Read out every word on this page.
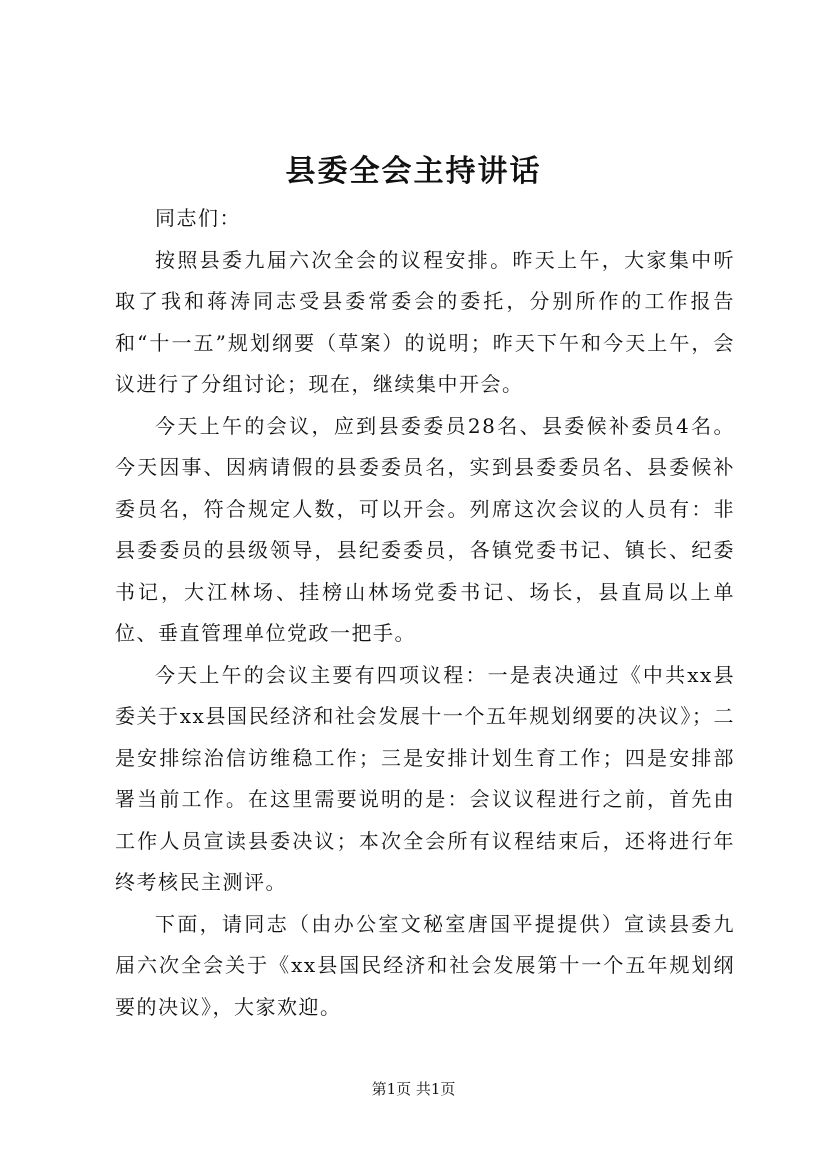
县委全会主持讲话

同志们：

按照县委九届六次全会的议程安排。昨天上午，大家集中听取了我和蒋涛同志受县委常委会的委托，分别所作的工作报告和“十一五”规划纲要（草案）的说明；昨天下午和今天上午，会议进行了分组讨论；现在，继续集中开会。

今天上午的会议，应到县委委员28名、县委候补委员4名。今天因事、因病请假的县委委员名，实到县委委员名、县委候补委员名，符合规定人数，可以开会。列席这次会议的人员有：非县委委员的县级领导，县纪委委员，各镇党委书记、镇长、纪委书记，大江林场、挂榜山林场党委书记、场长，县直局以上单位、垂直管理单位党政一把手。

今天上午的会议主要有四项议程：一是表决通过《中共xx县委关于xx县国民经济和社会发展十一个五年规划纲要的决议》；二是安排综治信访维稳工作；三是安排计划生育工作；四是安排部署当前工作。在这里需要说明的是：会议议程进行之前，首先由工作人员宣读县委决议；本次全会所有议程结束后，还将进行年终考核民主测评。

下面，请同志（由办公室文秘室唐国平提提供）宣读县委九届六次全会关于《xx县国民经济和社会发展第十一个五年规划纲要的决议》，大家欢迎。

第1页 共1页
